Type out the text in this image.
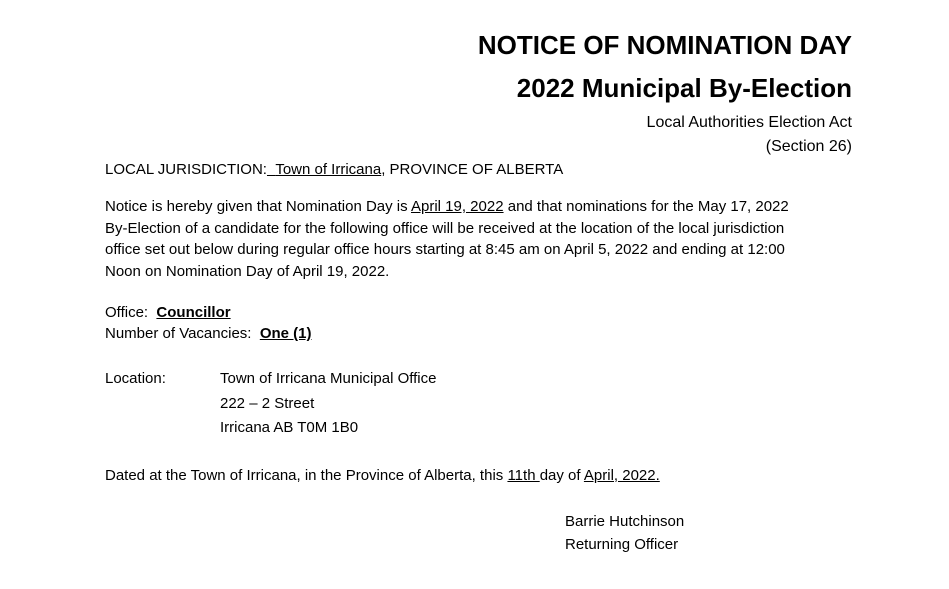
NOTICE OF NOMINATION DAY
2022 Municipal By-Election
Local Authorities Election Act
(Section 26)
LOCAL JURISDICTION: Town of Irricana, PROVINCE OF ALBERTA
Notice is hereby given that Nomination Day is April 19, 2022 and that nominations for the May 17, 2022
By-Election of a candidate for the following office will be received at the location of the local jurisdiction
office set out below during regular office hours starting at 8:45 am on April 5, 2022 and ending at 12:00
Noon on Nomination Day of April 19, 2022.
Office: Councillor
Number of Vacancies: One (1)
Location:	Town of Irricana Municipal Office
222 – 2 Street
Irricana AB T0M 1B0
Dated at the Town of Irricana, in the Province of Alberta, this 11th day of April, 2022.
Barrie Hutchinson
Returning Officer
